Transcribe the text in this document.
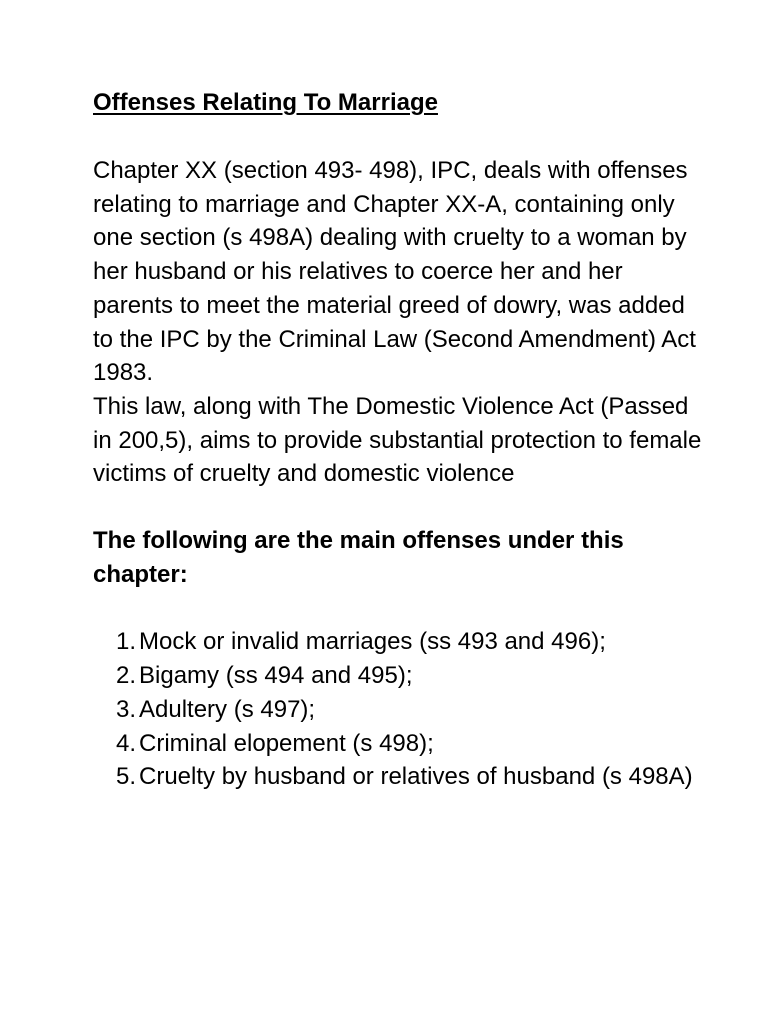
Offenses Relating To Marriage

Chapter XX (section 493- 498), IPC, deals with offenses relating to marriage and Chapter XX-A, containing only one section (s 498A) dealing with cruelty to a woman by her husband or his relatives to coerce her and her parents to meet the material greed of dowry, was added to the IPC by the Criminal Law (Second Amendment) Act 1983.

This law, along with The Domestic Violence Act (Passed in 200,5), aims to provide substantial protection to female victims of cruelty and domestic violence

The following are the main offenses under this chapter:

1. Mock or invalid marriages (ss 493 and 496);
2. Bigamy (ss 494 and 495);
3. Adultery (s 497);
4. Criminal elopement (s 498);
5. Cruelty by husband or relatives of husband (s 498A)
